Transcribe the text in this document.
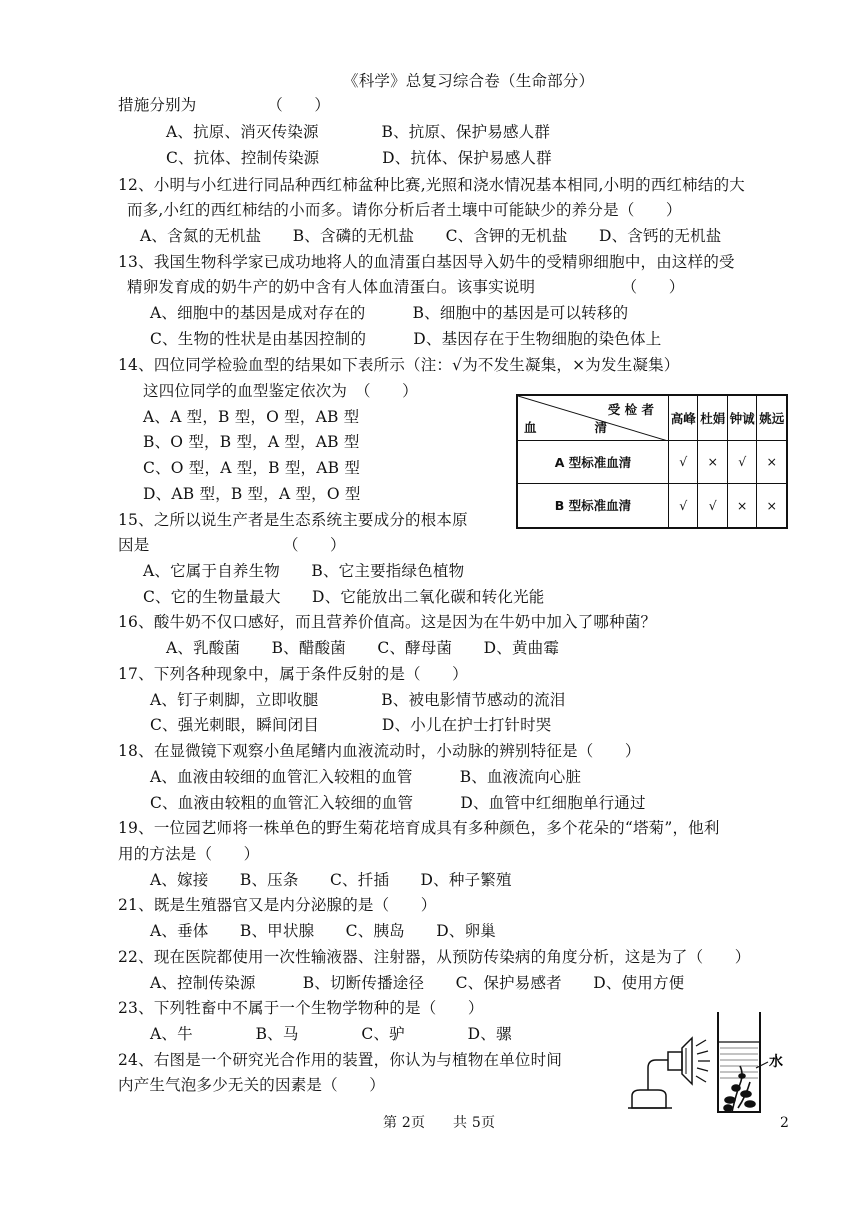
《科学》总复习综合卷（生命部分）
措施分别为　　　　　（　　）
A、抗原、消灭传染源　　　　B、抗原、保护易感人群
C、抗体、控制传染源　　　　D、抗体、保护易感人群
12、小明与小红进行同品种西红柿盆种比赛,光照和浇水情况基本相同,小明的西红柿结的大
而多,小红的西红柿结的小而多。请你分析后者土壤中可能缺少的养分是（　　）
A、含氮的无机盐　　B、含磷的无机盐　　C、含钾的无机盐　　D、含钙的无机盐
13、我国生物科学家已成功地将人的血清蛋白基因导入奶牛的受精卵细胞中，由这样的受
精卵发育成的奶牛产的奶中含有人体血清蛋白。该事实说明　　　　　　（　　）
A、细胞中的基因是成对存在的　　　B、细胞中的基因是可以转移的
C、生物的性状是由基因控制的　　　D、基因存在于生物细胞的染色体上
14、四位同学检验血型的结果如下表所示（注：√为不发生凝集，×为发生凝集）
这四位同学的血型鉴定依次为　（　　）
A、A 型，B 型，O 型，AB 型
B、O 型，B 型，A 型，AB 型
C、O 型，A 型，B 型，AB 型
D、AB 型，B 型，A 型，O 型
15、之所以说生产者是生态系统主要成分的根本原
因是　　　　　　　　　（　　）
A、它属于自养生物　　B、它主要指绿色植物
C、它的生物量最大　　D、它能放出二氧化碳和转化光能
16、酸牛奶不仅口感好，而且营养价值高。这是因为在牛奶中加入了哪种菌？
A、乳酸菌　　B、醋酸菌　　C、酵母菌　　D、黄曲霉
17、下列各种现象中，属于条件反射的是（　　）
A、钉子刺脚，立即收腿　　　　B、被电影情节感动的流泪
C、强光刺眼，瞬间闭目　　　　D、小儿在护士打针时哭
18、在显微镜下观察小鱼尾鳍内血液流动时，小动脉的辨别特征是（　　）
A、血液由较细的血管汇入较粗的血管　　　B、血液流向心脏
C、血液由较粗的血管汇入较细的血管　　　D、血管中红细胞单行通过
19、一位园艺师将一株单色的野生菊花培育成具有多种颜色，多个花朵的“塔菊”，他利
用的方法是（　　）
A、嫁接　　B、压条　　C、扦插　　D、种子繁殖
21、既是生殖器官又是内分泌腺的是（　　）
A、垂体　　B、甲状腺　　C、胰岛　　D、卵巢
22、现在医院都使用一次性输液器、注射器，从预防传染病的角度分析，这是为了（　　）
A、控制传染源　　　B、切断传播途径　　C、保护易感者　　D、使用方便
23、下列牲畜中不属于一个生物学物种的是（　　）
A、牛　　　　B、马　　　　C、驴　　　　D、骡
24、右图是一个研究光合作用的装置，你认为与植物在单位时间
内产生气泡多少无关的因素是（　　）
受 检 者
血 清	高峰	杜娟	钟诚	姚远
A 型标准血清	√	×	√	×
B 型标准血清	√	√	×	×
水
第 2页 共 5页	2
